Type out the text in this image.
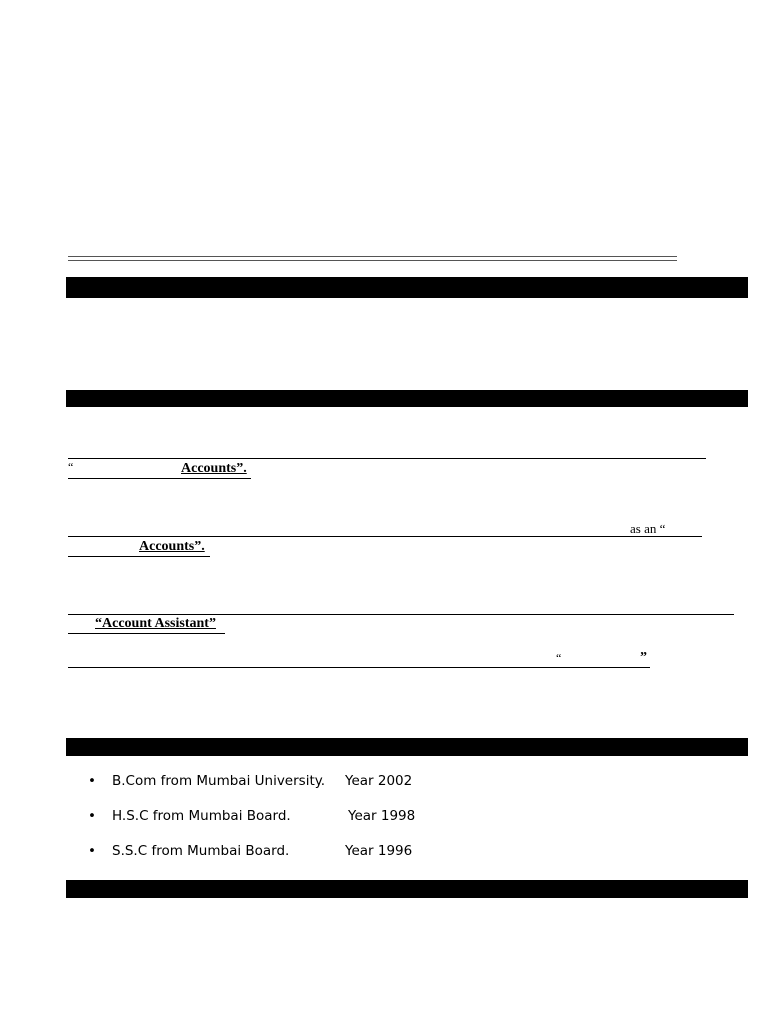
“	Accounts”.
as an “
Accounts”.
“Account Assistant”
“	”
• B.Com from Mumbai University. Year 2002
• H.S.C from Mumbai Board.	Year 1998
• S.S.C from Mumbai Board.	Year 1996
